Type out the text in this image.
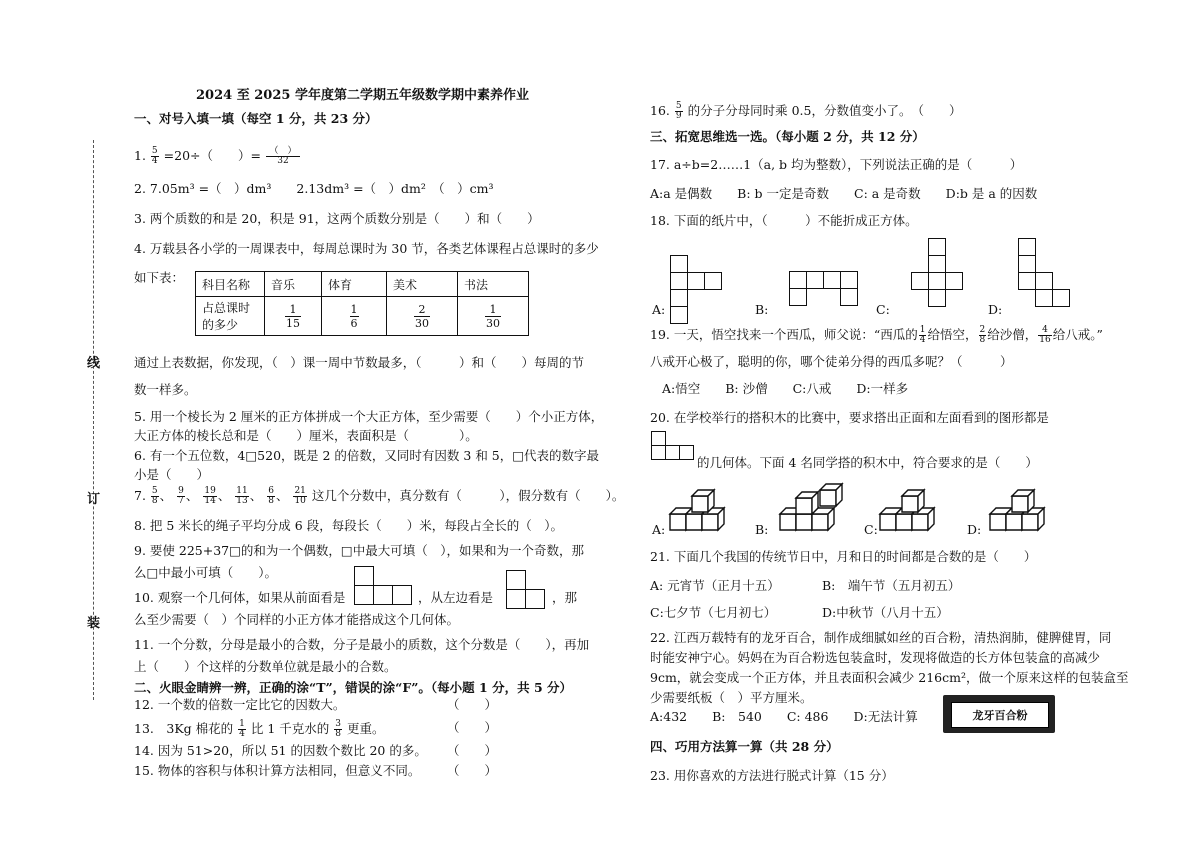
线
订
装
2024 至 2025 学年度第二学期五年级数学期中素养作业
一、对号入填一填（每空 1 分，共 23 分）
1. $\frac{5}{4} =20\div$（　　）= （　）
32
2. 7.05m³ =（　）dm³　　2.13dm³ =（　）dm²　（　）cm³
3. 两个质数的和是 20，积是 91，这两个质数分别是（　　）和（　　）
4. 万载县各小学的一周课表中，每周总课时为 30 节，各类艺体课程占总课时的多少
如下表： 科目名称	音乐	体育	美术	书法
占总课时的多少	$\frac{1}{15}$	$\frac{1}{6}$	$\frac{2}{30}$	$\frac{1}{30}$
通过上表数据，你发现，（　）课一周中节数最多，（　　　）和（　　）每周的节
数一样多。
5. 用一个棱长为 2 厘米的正方体拼成一个大正方体，至少需要（　　）个小正方体，
大正方体的棱长总和是（　　）厘米，表面积是（　　　　）。
6. 有一个五位数，4□520，既是 2 的倍数，又同时有因数 3 和 5，□代表的数字最
小是（　　）
7. $\frac{5}{8}$ 、 $\frac{9}{7}$ 、 $\frac{19}{14}$ 、 $\frac{11}{13}$ 、 $\frac{6}{8}$ 、 $\frac{21}{10}$ 这几个分数中，真分数有（　　　），假分数有（　　）。
8. 把 5 米长的绳子平均分成 6 段，每段长（　　）米，每段占全长的（　）。
9. 要使 225+37□的和为一个偶数，□中最大可填（　），如果和为一个奇数，那
么□中最小可填（　　）。
10. 观察一个几何体，如果从前面看是	，从左边看是	，那
么至少需要（　）个同样的小正方体才能搭成这个几何体。
11. 一个分数，分母是最小的合数，分子是最小的质数，这个分数是（　　），再加
上（　　）个这样的分数单位就是最小的合数。
二、火眼金睛辨一辨，正确的涂“T”，错误的涂“F”。（每小题 1 分，共 5 分）
12. 一个数的倍数一定比它的因数大。	（　　）
13.　3Kg 棉花的 $\frac{1}{4}$ 比 1 千克水的 $\frac{3}{8}$ 更重。	（　　）
14. 因为 51>20，所以 51 的因数个数比 20 的多。 （　　）
15. 物体的容积与体积计算方法相同，但意义不同。 （　　）
16. $\frac{5}{9}$ 的分子分母同时乘 0.5，分数值变小了。　（　　）
三、拓宽思维选一选。（每小题 2 分，共 12 分）
17. a÷b=2……1（a, b 均为整数），下列说法正确的是（　　　）
A:a 是偶数　　B: b 一定是奇数　　C: a 是奇数　　D:b 是 a 的因数
18. 下面的纸片中，（　　　）不能折成正方体。
A:	B:	C:	D:
19. 一天，悟空找来一个西瓜，师父说：“西瓜的 $\frac{1}{4}$ 给悟空， $\frac{2}{8}$ 给沙僧， $\frac{4}{16}$ 给八戒。”
八戒开心极了，聪明的你，哪个徒弟分得的西瓜多呢？（　　　）
A:悟空　　B: 沙僧　　C:八戒　　D:一样多
20. 在学校举行的搭积木的比赛中，要求搭出正面和左面看到的图形都是
的几何体。下面 4 名同学搭的积木中，符合要求的是（　　）
A:	B:	C:	D:
21. 下面几个我国的传统节日中，月和日的时间都是合数的是（　　）
A: 元宵节（正月十五）	B:　端午节（五月初五）
C:七夕节（七月初七）	D:中秋节（八月十五）
22. 江西万载特有的龙牙百合，制作成细腻如丝的百合粉，清热润肺，健脾健胃，同
时能安神宁心。妈妈在为百合粉选包装盒时，发现将做造的长方体包装盒的高减少
9cm，就会变成一个正方体，并且表面积会减少 216cm²，做一个原来这样的包装盒至
少需要纸板（　）平方厘米。
A:432　　B:　540　　C: 486　　D:无法计算	龙牙百合粉
四、巧用方法算一算（共 28 分）
23. 用你喜欢的方法进行脱式计算（15 分）
